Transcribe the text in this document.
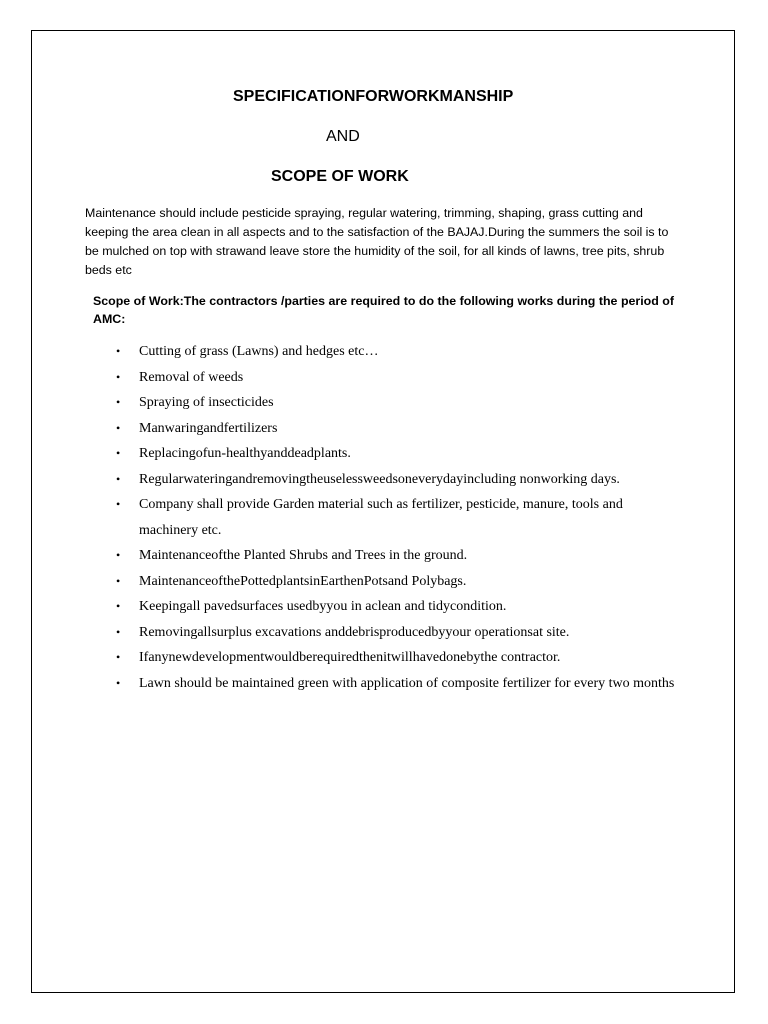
SPECIFICATIONFORWORKMANSHIP
AND
SCOPE OF WORK
Maintenance should include pesticide spraying, regular watering, trimming, shaping, grass cutting and keeping the area clean in all aspects and to the satisfaction of the BAJAJ.During the summers the soil is to be mulched on top with strawand leave store the humidity of the soil, for all kinds of lawns, tree pits, shrub beds etc
Scope of Work:The contractors /parties are required to do the following works during the period of AMC:
• Cutting of grass (Lawns) and hedges etc…
• Removal of weeds
• Spraying of insecticides
• Manwaringandfertilizers
• Replacingofun-healthyanddeadplants.
• Regularwateringandremovingtheuselessweedsoneverydayincluding nonworking days.
• Company shall provide Garden material such as fertilizer, pesticide, manure, tools and machinery etc.
• Maintenanceofthe Planted Shrubs and Trees in the ground.
• MaintenanceofthePottedplantsinEarthenPotsand Polybags.
• Keepingall pavedsurfaces usedbyyou in aclean and tidycondition.
• Removingallsurplus excavations anddebrisproducedbyyour operationsat site.
• Ifanynewdevelopmentwouldberequiredthenitwillhavedonebythe contractor.
• Lawn should be maintained green with application of composite fertilizer for every two months
